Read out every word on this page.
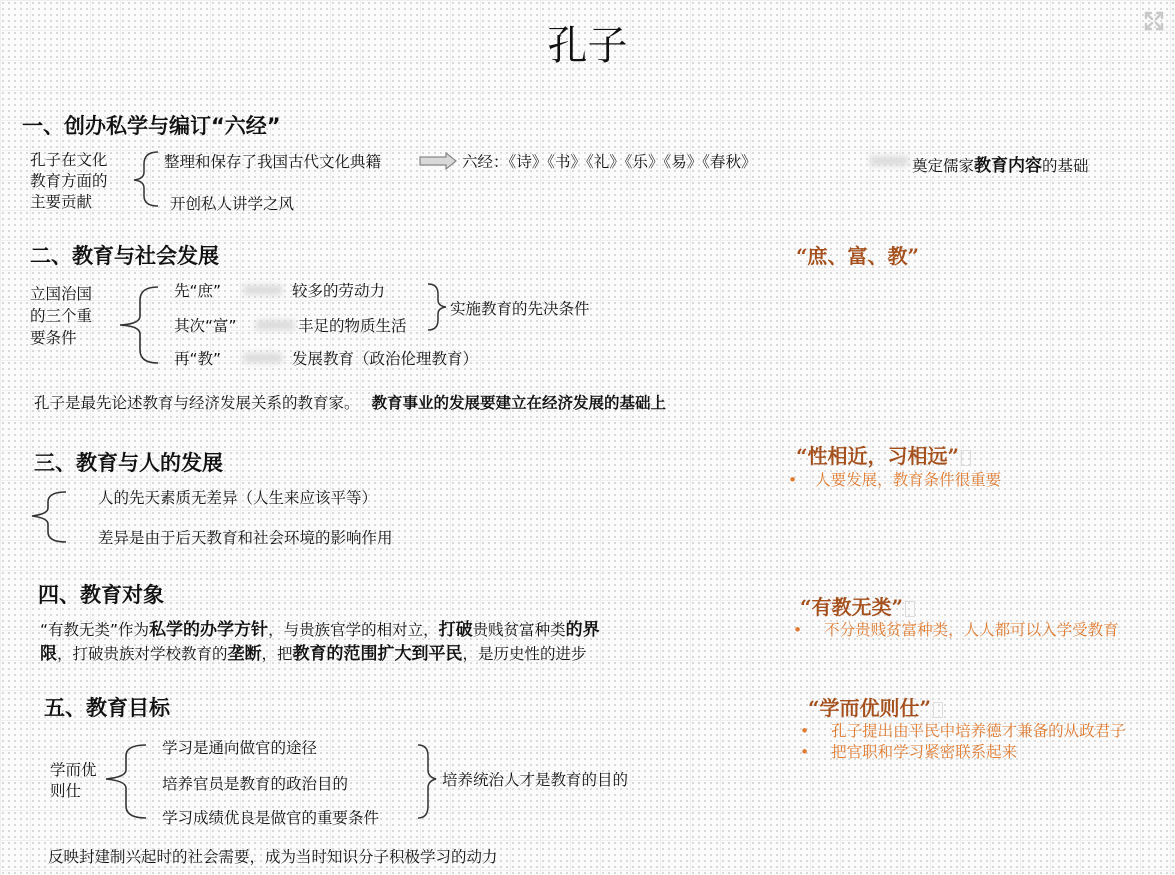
孔子
一、创办私学与编订“六经”
孔子在文化
教育方面的
主要贡献
整理和保存了我国古代文化典籍	六经：《诗》《书》《礼》《乐》《易》《春秋》	奠定儒家教育内容的基础
开创私人讲学之风
二、教育与社会发展	“庶、富、教”
立国治国
的三个重
要条件
先“庶”	较多的劳动力
其次“富”	丰足的物质生活
再“教”	发展教育（政治伦理教育）
实施教育的先决条件
孔子是最先论述教育与经济发展关系的教育家。 教育事业的发展要建立在经济发展的基础上
三、教育与人的发展	“性相近，习相远”
• 人要发展，教育条件很重要
人的先天素质无差异（人生来应该平等）
差异是由于后天教育和社会环境的影响作用
四、教育对象	“有教无类”
• 不分贵贱贫富种类，人人都可以入学受教育
“有教无类”作为私学的办学方针，与贵族官学的相对立，打破贵贱贫富种类的界
限，打破贵族对学校教育的垄断，把教育的范围扩大到平民，是历史性的进步
五、教育目标	“学而优则仕”
• 孔子提出由平民中培养德才兼备的从政君子
• 把官职和学习紧密联系起来
学而优
则仕
学习是通向做官的途径
培养官员是教育的政治目的
学习成绩优良是做官的重要条件
培养统治人才是教育的目的
反映封建制兴起时的社会需要，成为当时知识分子积极学习的动力
